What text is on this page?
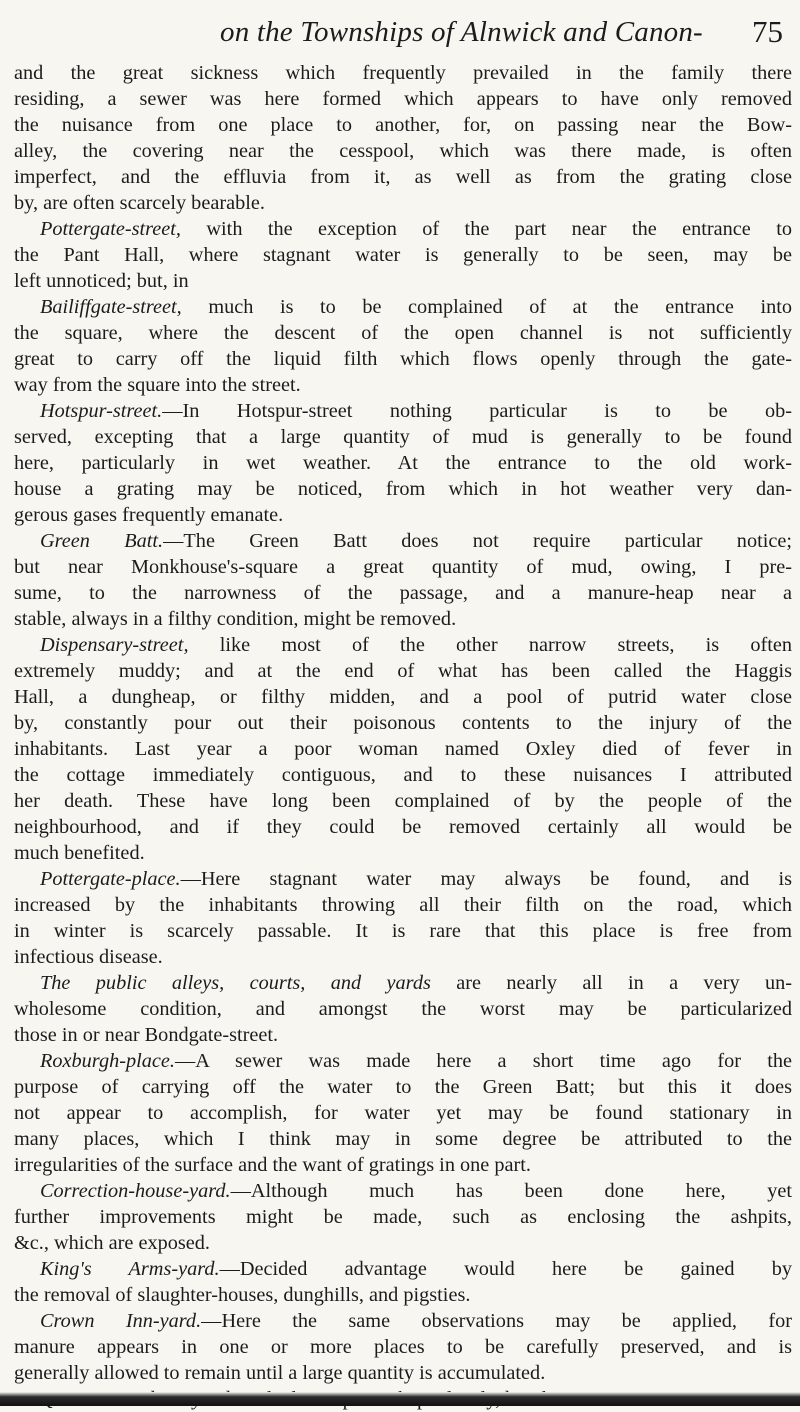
on the Townships of Alnwick and Canon- 75
and the great sickness which frequently prevailed in the family there
residing, a sewer was here formed which appears to have only removed
the nuisance from one place to another, for, on passing near the Bow-
alley, the covering near the cesspool, which was there made, is often
imperfect, and the effluvia from it, as well as from the grating close
by, are often scarcely bearable.
Pottergate-street, with the exception of the part near the entrance to
the Pant Hall, where stagnant water is generally to be seen, may be
left unnoticed; but, in
Bailiffgate-street, much is to be complained of at the entrance into
the square, where the descent of the open channel is not sufficiently
great to carry off the liquid filth which flows openly through the gate-
way from the square into the street.
Hotspur-street.—In Hotspur-street nothing particular is to be ob-
served, excepting that a large quantity of mud is generally to be found
here, particularly in wet weather. At the entrance to the old work-
house a grating may be noticed, from which in hot weather very dan-
gerous gases frequently emanate.
Green Batt.—The Green Batt does not require particular notice;
but near Monkhouse's-square a great quantity of mud, owing, I pre-
sume, to the narrowness of the passage, and a manure-heap near a
stable, always in a filthy condition, might be removed.
Dispensary-street, like most of the other narrow streets, is often
extremely muddy; and at the end of what has been called the Haggis
Hall, a dungheap, or filthy midden, and a pool of putrid water close
by, constantly pour out their poisonous contents to the injury of the
inhabitants. Last year a poor woman named Oxley died of fever in
the cottage immediately contiguous, and to these nuisances I attributed
her death. These have long been complained of by the people of the
neighbourhood, and if they could be removed certainly all would be
much benefited.
Pottergate-place.—Here stagnant water may always be found, and is
increased by the inhabitants throwing all their filth on the road, which
in winter is scarcely passable. It is rare that this place is free from
infectious disease.
The public alleys, courts, and yards are nearly all in a very un-
wholesome condition, and amongst the worst may be particularized
those in or near Bondgate-street.
Roxburgh-place.—A sewer was made here a short time ago for the
purpose of carrying off the water to the Green Batt; but this it does
not appear to accomplish, for water yet may be found stationary in
many places, which I think may in some degree be attributed to the
irregularities of the surface and the want of gratings in one part.
Correction-house-yard.—Although much has been done here, yet
further improvements might be made, such as enclosing the ashpits,
&c., which are exposed.
King's Arms-yard.—Decided advantage would here be gained by
the removal of slaughter-houses, dunghills, and pigsties.
Crown Inn-yard.—Here the same observations may be applied, for
manure appears in one or more places to be carefully preserved, and is
generally allowed to remain until a large quantity is accumulated.
